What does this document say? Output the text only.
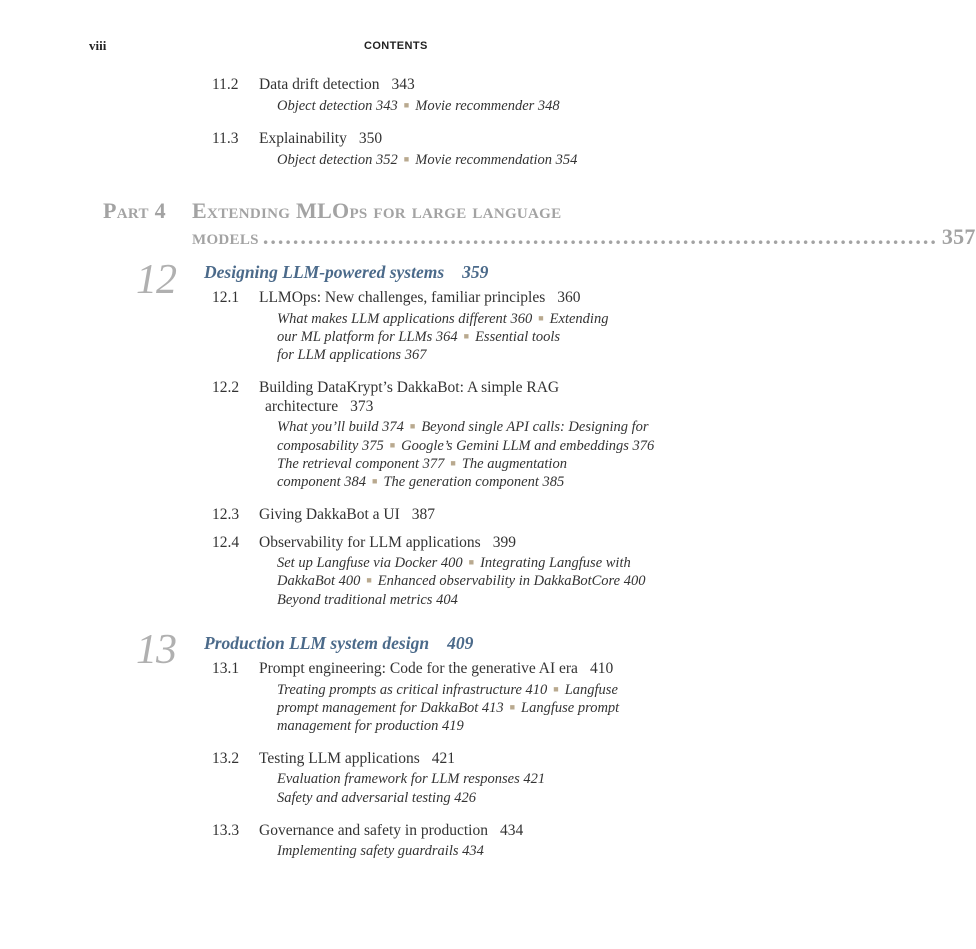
viii	CONTENTS
11.2 Data drift detection 343
Object detection 343 ■ Movie recommender 348
11.3 Explainability 350
Object detection 352 ■ Movie recommendation 354
Part 4 Extending MLOps for large language
models .......................................................................................... 357
12 Designing LLM-powered systems 359
12.1 LLMOps: New challenges, familiar principles 360
What makes LLM applications different 360 ■ Extending
our ML platform for LLMs 364 ■ Essential tools
for LLM applications 367
12.2 Building DataKrypt’s DakkaBot: A simple RAG
architecture 373
What you’ll build 374 ■ Beyond single API calls: Designing for
composability 375 ■ Google’s Gemini LLM and embeddings 376
The retrieval component 377 ■ The augmentation
component 384 ■ The generation component 385
12.3 Giving DakkaBot a UI 387
12.4 Observability for LLM applications 399
Set up Langfuse via Docker 400 ■ Integrating Langfuse with
DakkaBot 400 ■ Enhanced observability in DakkaBotCore 400
Beyond traditional metrics 404
13 Production LLM system design 409
13.1 Prompt engineering: Code for the generative AI era 410
Treating prompts as critical infrastructure 410 ■ Langfuse
prompt management for DakkaBot 413 ■ Langfuse prompt
management for production 419
13.2 Testing LLM applications 421
Evaluation framework for LLM responses 421
Safety and adversarial testing 426
13.3 Governance and safety in production 434
Implementing safety guardrails 434
